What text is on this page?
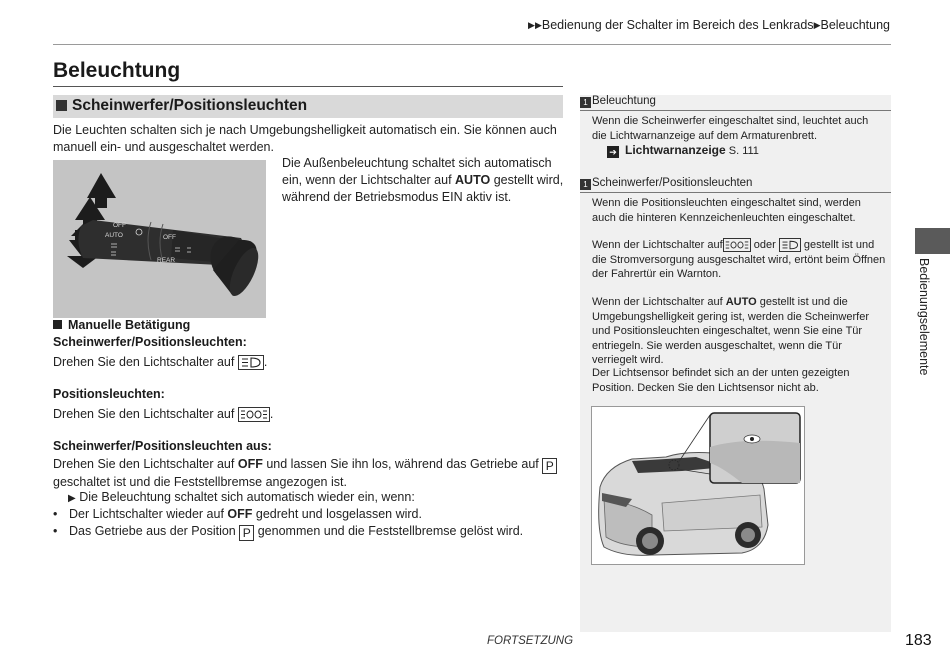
▶▶Bedienung der Schalter im Bereich des Lenkrads▶Beleuchtung
Beleuchtung
Scheinwerfer/Positionsleuchten
Die Leuchten schalten sich je nach Umgebungshelligkeit automatisch ein. Sie können auch manuell ein- und ausgeschaltet werden.
Die Außenbeleuchtung schaltet sich automatisch ein, wenn der Lichtschalter auf AUTO gestellt wird, während der Betriebsmodus EIN aktiv ist.
OFF
AUTO	OFF
REAR
Manuelle Betätigung
Scheinwerfer/Positionsleuchten:
Drehen Sie den Lichtschalter auf .
Positionsleuchten:
Drehen Sie den Lichtschalter auf	.
Scheinwerfer/Positionsleuchten aus:
Drehen Sie den Lichtschalter auf OFF und lassen Sie ihn los, während das Getriebe auf P geschaltet ist und die Feststellbremse angezogen ist.
▶ Die Beleuchtung schaltet sich automatisch wieder ein, wenn:
• Der Lichtschalter wieder auf OFF gedreht und losgelassen wird.
• Das Getriebe aus der Position P genommen und die Feststellbremse gelöst wird.
1 Beleuchtung
Wenn die Scheinwerfer eingeschaltet sind, leuchtet auch die Lichtwarnanzeige auf dem Armaturenbrett.
➔ Lichtwarnanzeige S. 111
1 Scheinwerfer/Positionsleuchten
Wenn die Positionsleuchten eingeschaltet sind, werden auch die hinteren Kennzeichenleuchten eingeschaltet.
Wenn der Lichtschalter auf	oder	gestellt ist und die Stromversorgung ausgeschaltet wird, ertönt beim Öffnen der Fahrertür ein Warnton.
Wenn der Lichtschalter auf AUTO gestellt ist und die Umgebungshelligkeit gering ist, werden die Scheinwerfer und Positionsleuchten eingeschaltet, wenn Sie eine Tür entriegeln. Sie werden ausgeschaltet, wenn die Tür verriegelt wird.
Der Lichtsensor befindet sich an der unten gezeigten Position. Decken Sie den Lichtsensor nicht ab.
Bedienungselemente
FORTSETZUNG	183
